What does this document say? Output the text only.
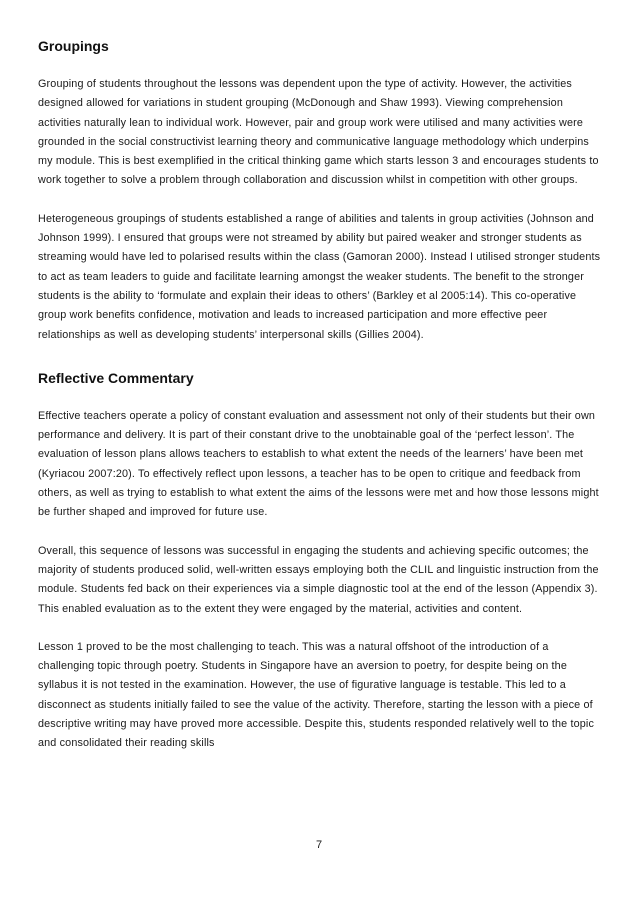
Groupings

Grouping of students throughout the lessons was dependent upon the type of activity. However, the activities designed allowed for variations in student grouping (McDonough and Shaw 1993). Viewing comprehension activities naturally lean to individual work. However, pair and group work were utilised and many activities were grounded in the social constructivist learning theory and communicative language methodology which underpins my module. This is best exemplified in the critical thinking game which starts lesson 3 and encourages students to work together to solve a problem through collaboration and discussion whilst in competition with other groups.

Heterogeneous groupings of students established a range of abilities and talents in group activities (Johnson and Johnson 1999). I ensured that groups were not streamed by ability but paired weaker and stronger students as streaming would have led to polarised results within the class (Gamoran 2000). Instead I utilised stronger students to act as team leaders to guide and facilitate learning amongst the weaker students. The benefit to the stronger students is the ability to ‘formulate and explain their ideas to others’ (Barkley et al 2005:14). This co-operative group work benefits confidence, motivation and leads to increased participation and more effective peer relationships as well as developing students’ interpersonal skills (Gillies 2004).

Reflective Commentary

Effective teachers operate a policy of constant evaluation and assessment not only of their students but their own performance and delivery. It is part of their constant drive to the unobtainable goal of the ‘perfect lesson’. The evaluation of lesson plans allows teachers to establish to what extent the needs of the learners’ have been met (Kyriacou 2007:20). To effectively reflect upon lessons, a teacher has to be open to critique and feedback from others, as well as trying to establish to what extent the aims of the lessons were met and how those lessons might be further shaped and improved for future use.

Overall, this sequence of lessons was successful in engaging the students and achieving specific outcomes; the majority of students produced solid, well-written essays employing both the CLIL and linguistic instruction from the module. Students fed back on their experiences via a simple diagnostic tool at the end of the lesson (Appendix 3). This enabled evaluation as to the extent they were engaged by the material, activities and content.

Lesson 1 proved to be the most challenging to teach. This was a natural offshoot of the introduction of a challenging topic through poetry. Students in Singapore have an aversion to poetry, for despite being on the syllabus it is not tested in the examination. However, the use of figurative language is testable. This led to a disconnect as students initially failed to see the value of the activity. Therefore, starting the lesson with a piece of descriptive writing may have proved more accessible. Despite this, students responded relatively well to the topic and consolidated their reading skills

7
